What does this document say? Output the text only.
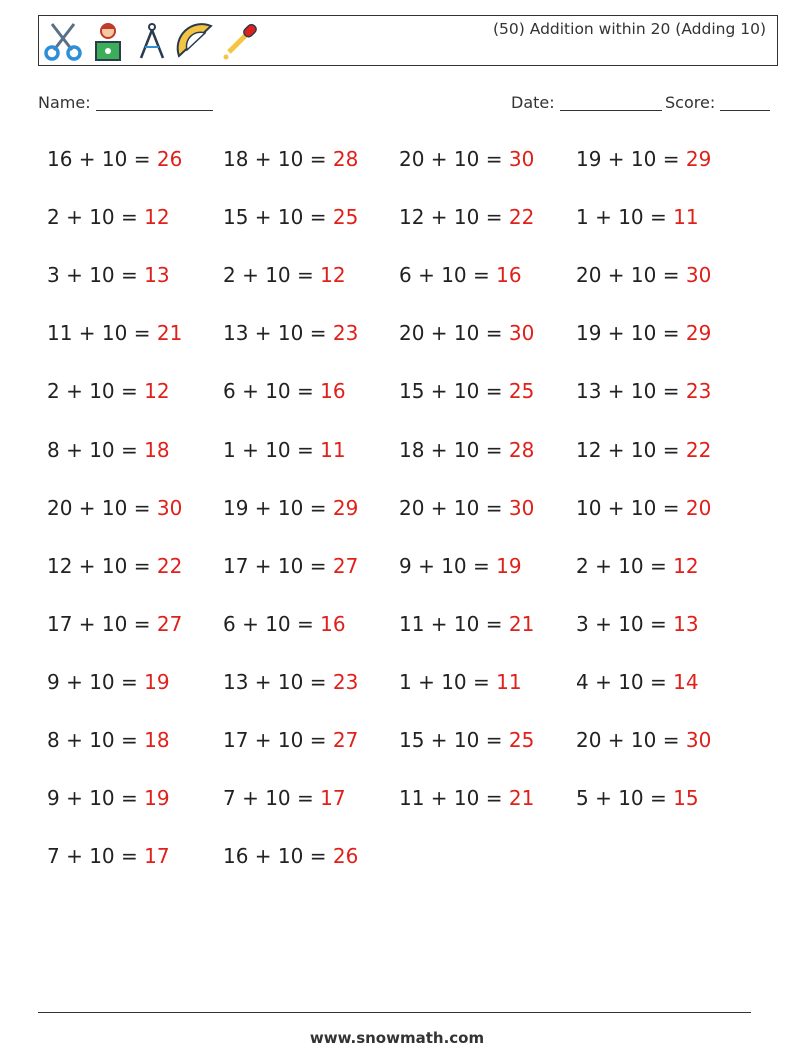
(50) Addition within 20 (Adding 10)
Name:	Date:	Score:
16 + 10 = 26 18 + 10 = 28 20 + 10 = 30 19 + 10 = 29
2 + 10 = 12	15 + 10 = 25 12 + 10 = 22 1 + 10 = 11
3 + 10 = 13	2 + 10 = 12	6 + 10 = 16	20 + 10 = 30
11 + 10 = 21 13 + 10 = 23 20 + 10 = 30 19 + 10 = 29
2 + 10 = 12	6 + 10 = 16	15 + 10 = 25 13 + 10 = 23
8 + 10 = 18	1 + 10 = 11	18 + 10 = 28 12 + 10 = 22
20 + 10 = 30 19 + 10 = 29 20 + 10 = 30 10 + 10 = 20
12 + 10 = 22 17 + 10 = 27 9 + 10 = 19	2 + 10 = 12
17 + 10 = 27 6 + 10 = 16	11 + 10 = 21 3 + 10 = 13
9 + 10 = 19	13 + 10 = 23 1 + 10 = 11	4 + 10 = 14
8 + 10 = 18	17 + 10 = 27 15 + 10 = 25 20 + 10 = 30
9 + 10 = 19	7 + 10 = 17	11 + 10 = 21 5 + 10 = 15
7 + 10 = 17	16 + 10 = 26
www.snowmath.com
